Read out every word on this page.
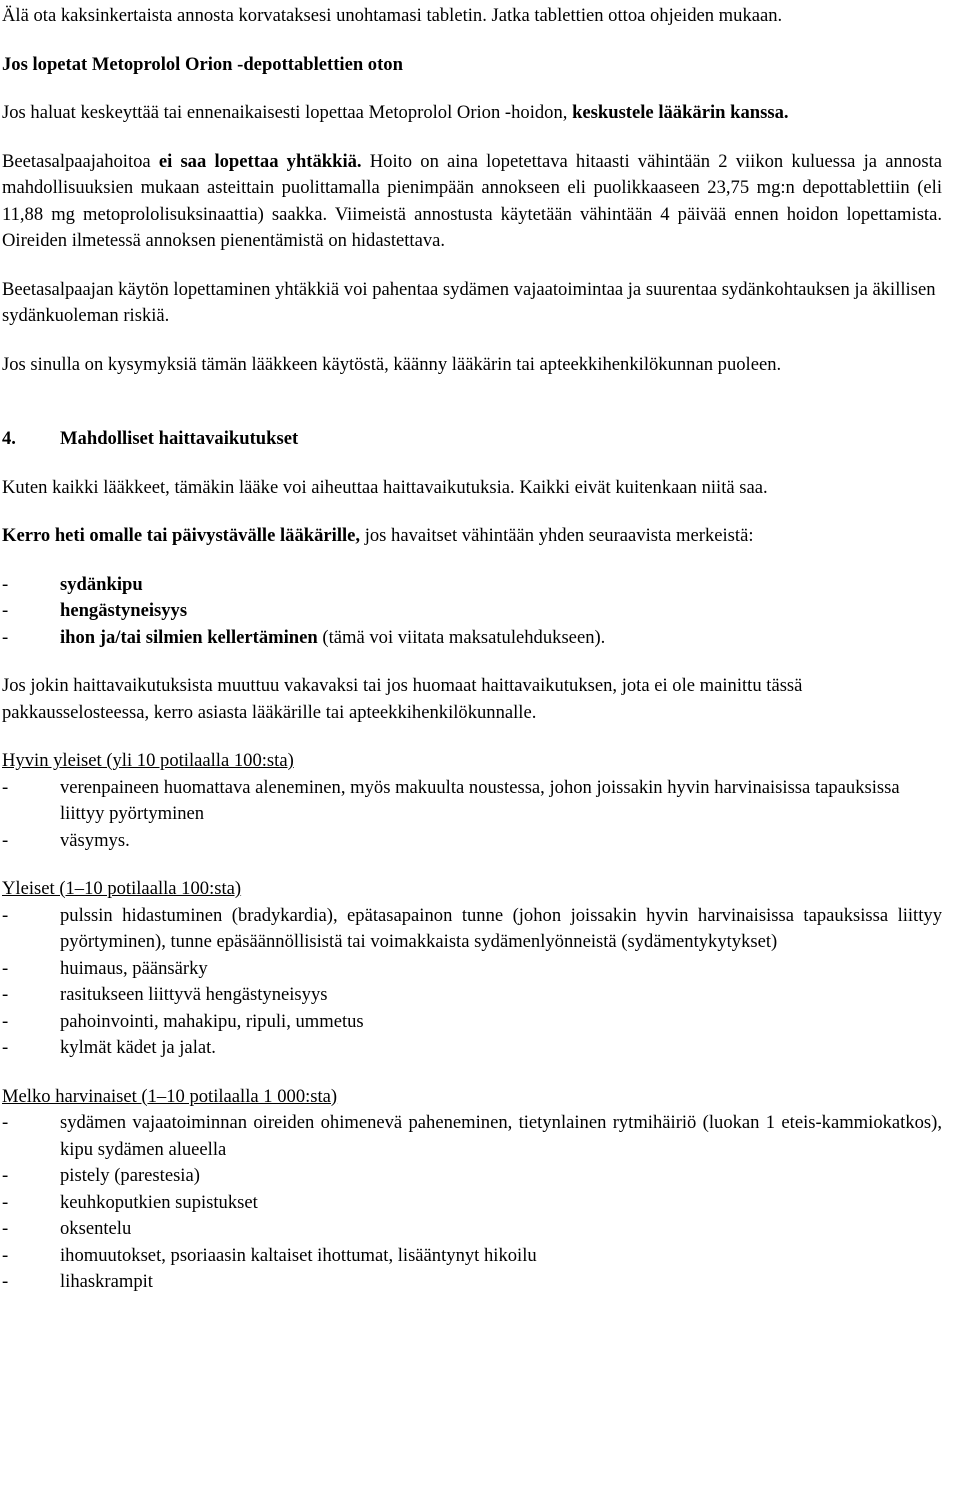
Älä ota kaksinkertaista annosta korvataksesi unohtamasi tabletin. Jatka tablettien ottoa ohjeiden mukaan.

Jos lopetat Metoprolol Orion -depottablettien oton

Jos haluat keskeyttää tai ennenaikaisesti lopettaa Metoprolol Orion -hoidon, keskustele lääkärin kanssa.

Beetasalpaajahoitoa ei saa lopettaa yhtäkkiä. Hoito on aina lopetettava hitaasti vähintään 2 viikon kuluessa ja annosta mahdollisuuksien mukaan asteittain puolittamalla pienimpään annokseen eli puolikkaaseen 23,75 mg:n depottablettiin (eli 11,88 mg metoprololisuksinaattia) saakka. Viimeistä annostusta käytetään vähintään 4 päivää ennen hoidon lopettamista. Oireiden ilmetessä annoksen pienentämistä on hidastettava.

Beetasalpaajan käytön lopettaminen yhtäkkiä voi pahentaa sydämen vajaatoimintaa ja suurentaa sydänkohtauksen ja äkillisen sydänkuoleman riskiä.

Jos sinulla on kysymyksiä tämän lääkkeen käytöstä, käänny lääkärin tai apteekkihenkilökunnan puoleen.

4. Mahdolliset haittavaikutukset

Kuten kaikki lääkkeet, tämäkin lääke voi aiheuttaa haittavaikutuksia. Kaikki eivät kuitenkaan niitä saa.

Kerro heti omalle tai päivystävälle lääkärille, jos havaitset vähintään yhden seuraavista merkeistä:

-	sydänkipu
-	hengästyneisyys
-	ihon ja/tai silmien kellertäminen (tämä voi viitata maksatulehdukseen).

Jos jokin haittavaikutuksista muuttuu vakavaksi tai jos huomaat haittavaikutuksen, jota ei ole mainittu tässä pakkausselosteessa, kerro asiasta lääkärille tai apteekkihenkilökunnalle.

Hyvin yleiset (yli 10 potilaalla 100:sta)

-	verenpaineen huomattava aleneminen, myös makuulta noustessa, johon joissakin hyvin harvinaisissa tapauksissa liittyy pyörtyminen
-	väsymys.

Yleiset (1–10 potilaalla 100:sta)

-	pulssin hidastuminen (bradykardia), epätasapainon tunne (johon joissakin hyvin harvinaisissa tapauksissa liittyy pyörtyminen), tunne epäsäännöllisistä tai voimakkaista sydämenlyönneistä (sydämentykytykset)
-	huimaus, päänsärky
-	rasitukseen liittyvä hengästyneisyys
-	pahoinvointi, mahakipu, ripuli, ummetus
-	kylmät kädet ja jalat.

Melko harvinaiset (1–10 potilaalla 1 000:sta)

-	sydämen vajaatoiminnan oireiden ohimenevä paheneminen, tietynlainen rytmihäiriö (luokan 1 eteis-kammiokatkos), kipu sydämen alueella
-	pistely (parestesia)
-	keuhkoputkien supistukset
-	oksentelu
-	ihomuutokset, psoriaasin kaltaiset ihottumat, lisääntynyt hikoilu
-	lihaskrampit
